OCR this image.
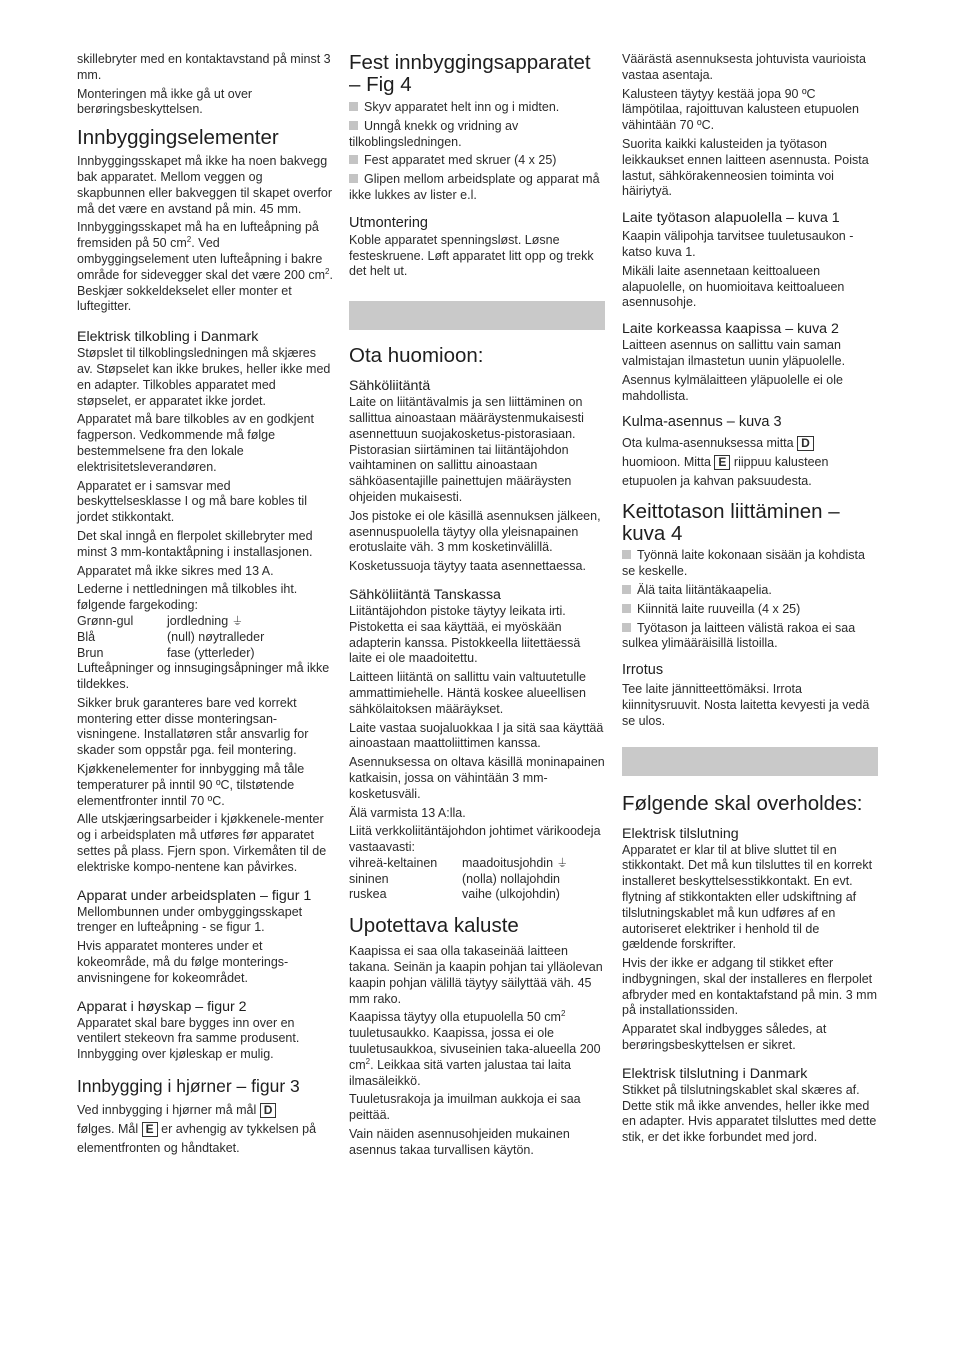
skillebryter med en kontaktavstand på minst 3 mm.

Monteringen må ikke gå ut over berøringsbeskyttelsen.

Innbyggingselementer

Innbyggingsskapet må ikke ha noen bakvegg bak apparatet. Mellom veggen og skapbunnen eller bakveggen til skapet overfor må det være en avstand på min. 45 mm.

Innbyggingsskapet må ha en lufteåpning på fremsiden på 50 $cm^2$. Ved ombyggingselement uten lufteåpning i bakre område for sidevegger skal det være 200 $cm^2$. Beskjær sokkeldekselet eller monter et luftegitter.

Elektrisk tilkobling i Danmark

Støpslet til tilkoblingsledningen må skjæres av. Støpselet kan ikke brukes, heller ikke med en adapter. Tilkobles apparatet med støpselet, er apparatet ikke jordet.

Apparatet må bare tilkobles av en godkjent fagperson. Vedkommende må følge bestemmelsene fra den lokale elektrisitetsleverandøren.

Apparatet er i samsvar med beskyttelsesklasse I og må bare kobles til jordet stikkontakt.

Det skal inngå en flerpolet skillebryter med minst 3 mm-kontaktåpning i installasjonen.

Apparatet må ikke sikres med 13 A.

Lederne i nettledningen må tilkobles iht. følgende fargekoding:

Grønn-gul	jordledning ⏚
Blå	(null) nøytralleder
Brun	fase (ytterleder)

Lufteåpninger og innsugingsåpninger må ikke tildekkes.

Sikker bruk garanteres bare ved korrekt montering etter disse monteringsan-visningene. Installatøren står ansvarlig for skader som oppstår pga. feil montering.

Kjøkkenelementer for innbygging må tåle temperaturer på inntil 90 ºC, tilstøtende elementfronter inntil 70 ºC.

Alle utskjæringsarbeider i kjøkkenele-menter og i arbeidsplaten må utføres før apparatet settes på plass. Fjern spon. Virkemåten til de elektriske kompo-nentene kan påvirkes.

Apparat under arbeidsplaten – figur 1

Mellombunnen under ombyggingsskapet trenger en lufteåpning - se figur 1.

Hvis apparatet monteres under et kokeområde, må du følge monterings-anvisningene for kokeområdet.

Apparat i høyskap – figur 2

Apparatet skal bare bygges inn over en ventilert stekeovn fra samme produsent. Innbygging over kjøleskap er mulig.

Innbygging i hjørner – figur 3

Ved innbygging i hjørner må mål D
følges. Mål E er avhengig av tykkelsen på elementfronten og håndtaket.

Fest innbyggingsapparatet – Fig 4

Skyv apparatet helt inn og i midten.

Unngå knekk og vridning av tilkoblingsledningen.

Fest apparatet med skruer (4 x 25)

Glipen mellom arbeidsplate og apparat må ikke lukkes av lister e.l.

Utmontering

Koble apparatet spenningsløst. Løsne festeskruene. Løft apparatet litt opp og trekk det helt ut.

Ota huomioon:
Sähköliitäntä

Laite on liitäntävalmis ja sen liittäminen on sallittua ainoastaan määräystenmukaisesti asennettuun suojakosketus-pistorasiaan. Pistorasian siirtäminen tai liitäntäjohdon vaihtaminen on sallittu ainoastaan sähköasentajille painettujen määräysten ohjeiden mukaisesti.

Jos pistoke ei ole käsillä asennuksen jälkeen, asennuspuolella täytyy olla yleisnapainen erotuslaite väh. 3 mm kosketinvälillä.

Kosketussuoja täytyy taata asennettaessa.

Sähköliitäntä Tanskassa

Liitäntäjohdon pistoke täytyy leikata irti. Pistoketta ei saa käyttää, ei myöskään adapterin kanssa. Pistokkeella liitettäessä laite ei ole maadoitettu.

Laitteen liitäntä on sallittu vain valtuutetulle ammattimiehelle. Häntä koskee alueellisen sähkölaitoksen määräykset.

Laite vastaa suojaluokkaa I ja sitä saa käyttää ainoastaan maattoliittimen kanssa.

Asennuksessa on oltava käsillä moninapainen katkaisin, jossa on vähintään 3 mm-kosketusväli.

Älä varmista 13 A:lla.

Liitä verkkoliitäntäjohdon johtimet värikoodeja vastaavasti:

vihreä-keltainen	maadoitusjohdin ⏚
sininen	(nolla) nollajohdin
ruskea	vaihe (ulkojohdin)
Upotettava kaluste

Kaapissa ei saa olla takaseinää laitteen takana. Seinän ja kaapin pohjan tai ylläolevan kaapin pohjan välillä täytyy säilyttää väh. 45 mm rako.

Kaapissa täytyy olla etupuolella 50 $cm^2$ tuuletusaukko. Kaapissa, jossa ei ole tuuletusaukkoa, sivuseinien taka-alueella 200 $cm^2$. Leikkaa sitä varten jalustaa tai laita ilmasäleikkö.

Tuuletusrakoja ja imuilman aukkoja ei saa peittää.

Vain näiden asennusohjeiden mukainen asennus takaa turvallisen käytön.

Väärästä asennuksesta johtuvista vaurioista vastaa asentaja.

Kalusteen täytyy kestää jopa 90 ºC lämpötilaa, rajoittuvan kalusteen etupuolen vähintään 70 ºC.

Suorita kaikki kalusteiden ja työtason leikkaukset ennen laitteen asennusta. Poista lastut, sähkörakenneosien toiminta voi häiriytyä.

Laite työtason alapuolella – kuva 1

Kaapin välipohja tarvitsee tuuletusaukon - katso kuva 1.

Mikäli laite asennetaan keittoalueen alapuolelle, on huomioitava keittoalueen asennusohje.

Laite korkeassa kaapissa – kuva 2

Laitteen asennus on sallittu vain saman valmistajan ilmastetun uunin yläpuolelle.

Asennus kylmälaitteen yläpuolelle ei ole mahdollista.

Kulma-asennus – kuva 3

Ota kulma-asennuksessa mitta D
huomioon. Mitta E riippuu kalusteen etupuolen ja kahvan paksuudesta.

Keittotason liittäminen – kuva 4

Työnnä laite kokonaan sisään ja kohdista se keskelle.

Älä taita liitäntäkaapelia.

Kiinnitä laite ruuveilla (4 x 25)

Työtason ja laitteen välistä rakoa ei saa sulkea ylimääräisillä listoilla.

Irrotus

Tee laite jännitteettömäksi. Irrota kiinnitysruuvit. Nosta laitetta kevyesti ja vedä se ulos.

Følgende skal overholdes:
Elektrisk tilslutning

Apparatet er klar til at blive sluttet til en stikkontakt. Det må kun tilsluttes til en korrekt installeret beskyttelsesstikkontakt. En evt. flytning af stikkontakten eller udskiftning af tilslutningskablet må kun udføres af en autoriseret elektriker i henhold til de gældende forskrifter.

Hvis der ikke er adgang til stikket efter indbygningen, skal der installeres en flerpolet afbryder med en kontaktafstand på min. 3 mm på installationssiden.

Apparatet skal indbygges således, at berøringsbeskyttelsen er sikret.

Elektrisk tilslutning i Danmark

Stikket på tilslutningskablet skal skæres af. Dette stik må ikke anvendes, heller ikke med en adapter. Hvis apparatet tilsluttes med dette stik, er det ikke forbundet med jord.
